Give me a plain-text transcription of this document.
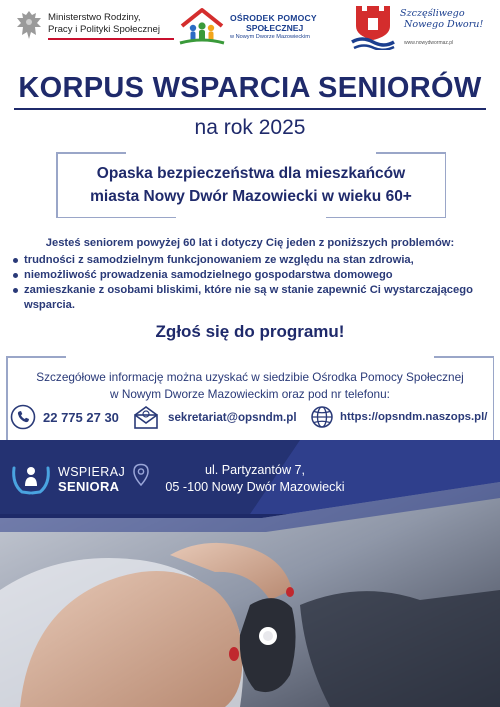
Ministerstwo Rodziny,
Pracy i Polityki Społecznej
OŚRODEK POMOCY
SPOŁECZNEJ
w Nowym Dworze Mazowieckim
Szczęśliwego
Nowego Dworu!
www.nowydwormaz.pl
KORPUS WSPARCIA SENIORÓW
na rok 2025
Opaska bezpieczeństwa dla mieszkańców
miasta Nowy Dwór Mazowiecki w wieku 60+
Jesteś seniorem powyżej 60 lat i dotyczy Cię jeden z poniższych problemów:
trudności z samodzielnym funkcjonowaniem ze względu na stan zdrowia,
niemożliwość prowadzenia samodzielnego gospodarstwa domowego
zamieszkanie z osobami bliskimi, które nie są w stanie zapewnić Ci wystarczającego wsparcia.
Zgłoś się do programu!
Szczegółowe informację można uzyskać w siedzibie Ośrodka Pomocy Społecznej
w Nowym Dworze Mazowieckim oraz pod nr telefonu:
22 775 27 30	sekretariat@opsndm.pl	https://opsndm.naszops.pl/
WSPIERAJ
SENIORA
ul. Partyzantów 7,
05 -100 Nowy Dwór Mazowiecki
